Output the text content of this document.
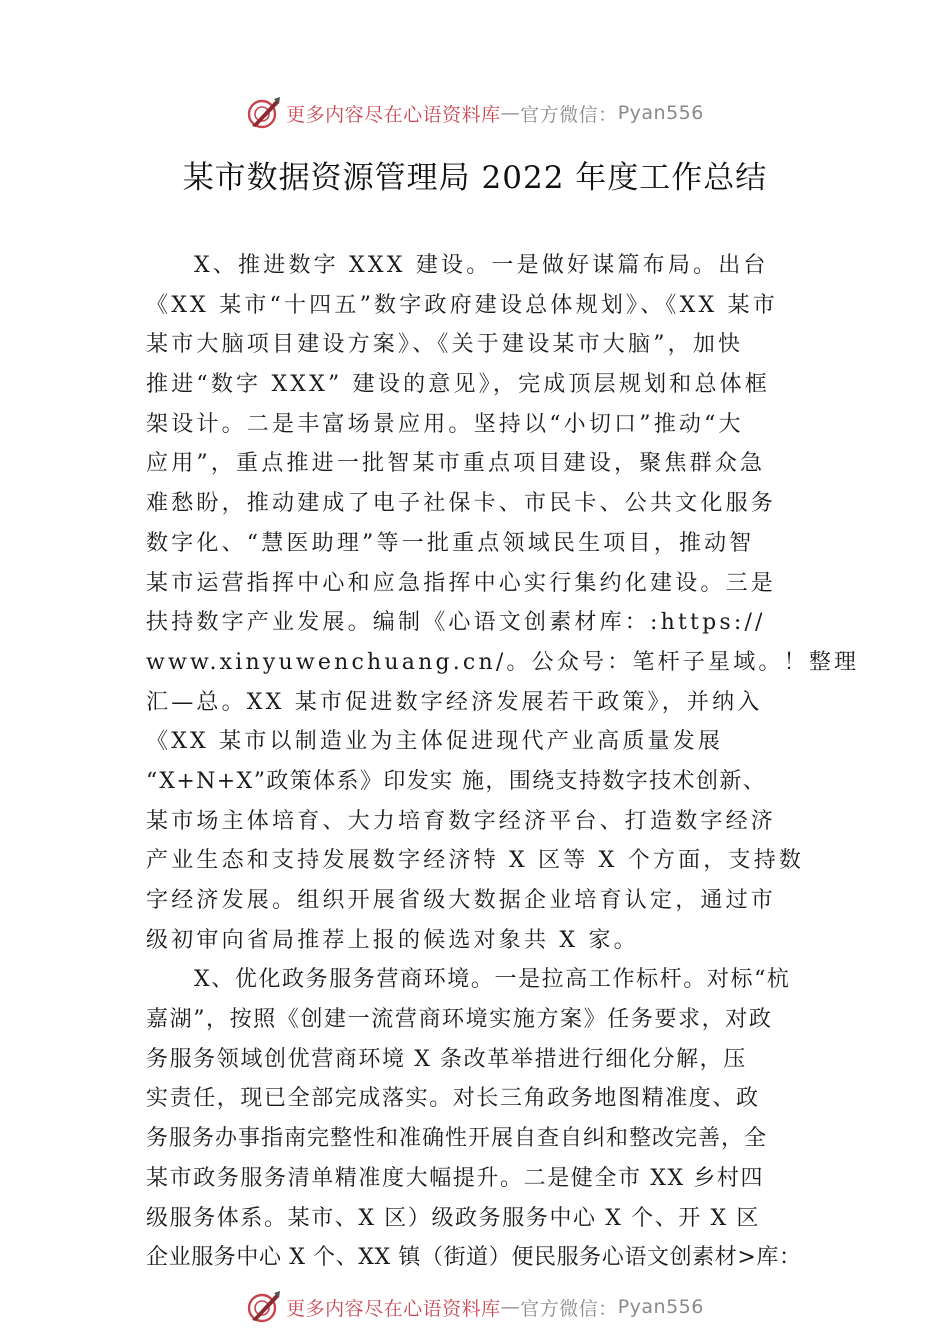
更多内容尽在心语资料库 — 官方微信： Pyan556
某市数据资源管理局 2022 年度工作总结
X、推进数字 XXX 建设。一是做好谋篇布局。出台
《XX 某市“十四五”数字政府建设总体规划》、《XX 某市
某市大脑项目建设方案》、《关于建设某市大脑”，加快
推进“数字 XXX” 建设的意见》，完成顶层规划和总体框
架设计。二是丰富场景应用。坚持以“小切口”推动“大
应用”，重点推进一批智某市重点项目建设，聚焦群众急
难愁盼，推动建成了电子社保卡、市民卡、公共文化服务
数字化、“慧医助理”等一批重点领域民生项目，推动智
某市运营指挥中心和应急指挥中心实行集约化建设。三是
扶持数字产业发展。编制《心语文创素材库：:https://
www.xinyuwenchuang.cn/。公众号：笔杆子星域。！整理
汇—总。XX 某市促进数字经济发展若干政策》，并纳入
《XX 某市以制造业为主体促进现代产业高质量发展
“X+N+X”政策体系》印发实 施，围绕支持数字技术创新、
某市场主体培育、大力培育数字经济平台、打造数字经济
产业生态和支持发展数字经济特 X 区等 X 个方面，支持数
字经济发展。组织开展省级大数据企业培育认定，通过市
级初审向省局推荐上报的候选对象共 X 家。
X、优化政务服务营商环境。一是拉高工作标杆。对标“杭
嘉湖”，按照《创建一流营商环境实施方案》任务要求，对政
务服务领域创优营商环境 X 条改革举措进行细化分解，压
实责任，现已全部完成落实。对长三角政务地图精准度、政
务服务办事指南完整性和准确性开展自查自纠和整改完善，全
某市政务服务清单精准度大幅提升。二是健全市 XX 乡村四
级服务体系。某市、X 区）级政务服务中心 X 个、开 X 区
企业服务中心 X 个、XX 镇（街道）便民服务心语文创素材>库：
更多内容尽在心语资料库 — 官方微信： Pyan556
